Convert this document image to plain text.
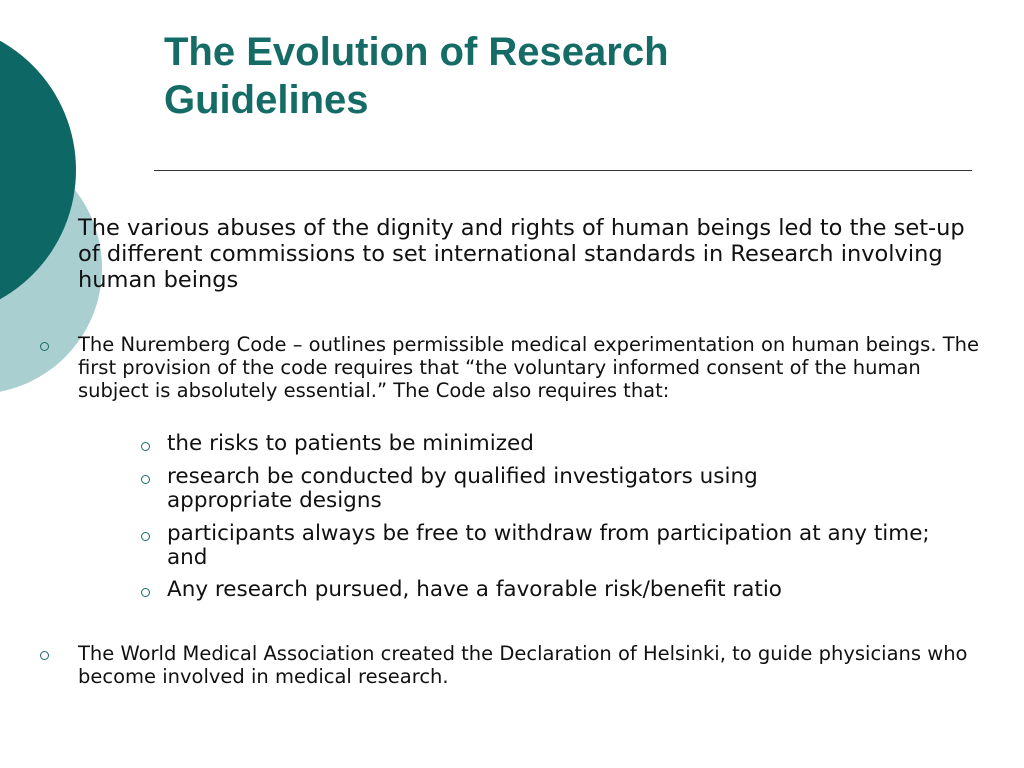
The Evolution of Research Guidelines
The various abuses of the dignity and rights of human beings led to the set-up of different commissions to set international standards in Research involving human beings
The Nuremberg Code – outlines permissible medical experimentation on human beings. The first provision of the code requires that “the voluntary informed consent of the human subject is absolutely essential.” The Code also requires that:
the risks to patients be minimized
research be conducted by qualified investigators using appropriate designs
participants always be free to withdraw from participation at any time; and
Any research pursued, have a favorable risk/benefit ratio
The World Medical Association created the Declaration of Helsinki, to guide physicians who become involved in medical research.
